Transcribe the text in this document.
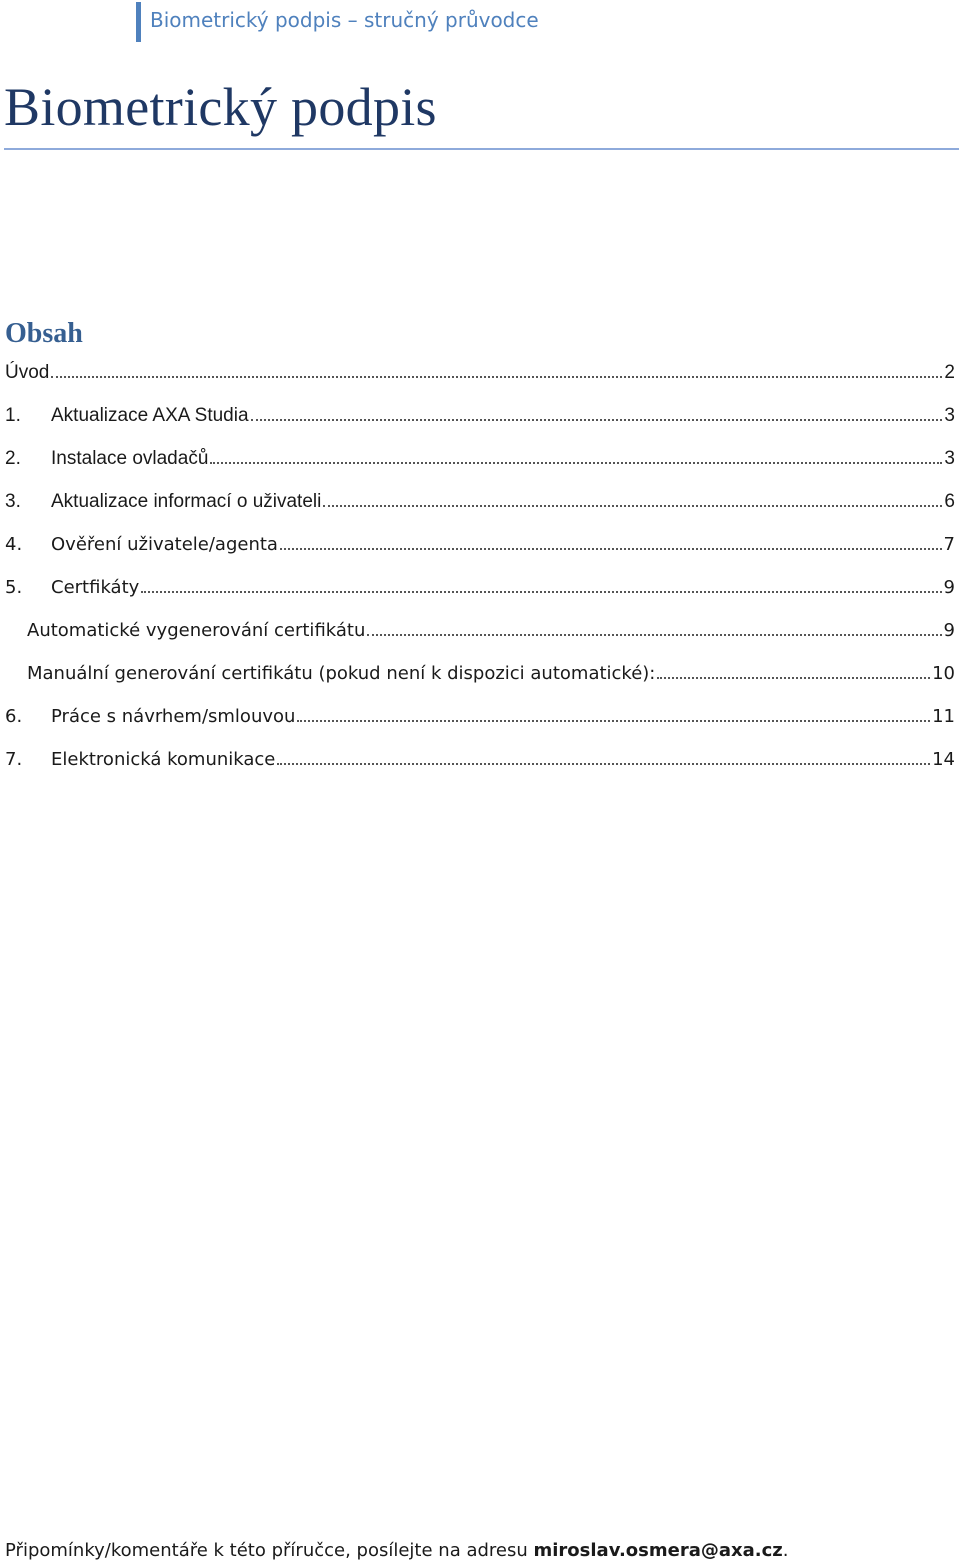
Biometrický podpis – stručný průvodce
Biometrický podpis
Obsah
Úvod	2
1.	Aktualizace AXA Studia	3
2.	Instalace ovladačů	3
3.	Aktualizace informací o uživateli	6
4.	Ověření uživatele/agenta	7
5.	Certfikáty	9
Automatické vygenerování certifikátu	9
Manuální generování certifikátu (pokud není k dispozici automatické):	10
6.	Práce s návrhem/smlouvou	11
7.	Elektronická komunikace	14
Připomínky/komentáře k této příručce, posílejte na adresu miroslav.osmera@axa.cz.
